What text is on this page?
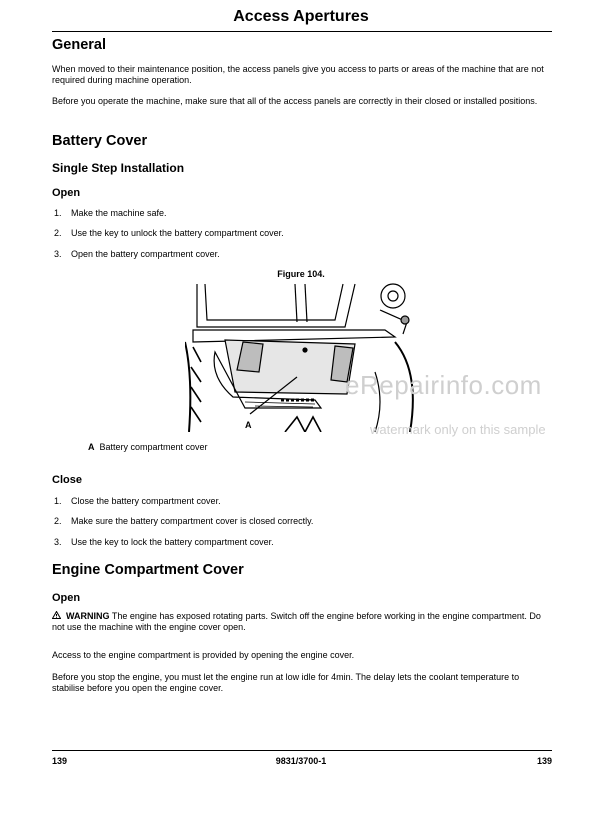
Access Apertures
General
When moved to their maintenance position, the access panels give you access to parts or areas of the machine that are not required during machine operation.
Before you operate the machine, make sure that all of the access panels are correctly in their closed or installed positions.
Battery Cover
Single Step Installation
Open
1. Make the machine safe.
2. Use the key to unlock the battery compartment cover.
3. Open the battery compartment cover.
Figure 104.
A
eRepairinfo.com
watermark only on this sample
A Battery compartment cover
Close
1. Close the battery compartment cover.
2. Make sure the battery compartment cover is closed correctly.
3. Use the key to lock the battery compartment cover.
Engine Compartment Cover
Open
WARNING The engine has exposed rotating parts. Switch off the engine before working in the engine compartment. Do not use the machine with the engine cover open.
Access to the engine compartment is provided by opening the engine cover.
Before you stop the engine, you must let the engine run at low idle for 4min. The delay lets the coolant temperature to stabilise before you open the engine cover.
139	9831/3700-1	139
